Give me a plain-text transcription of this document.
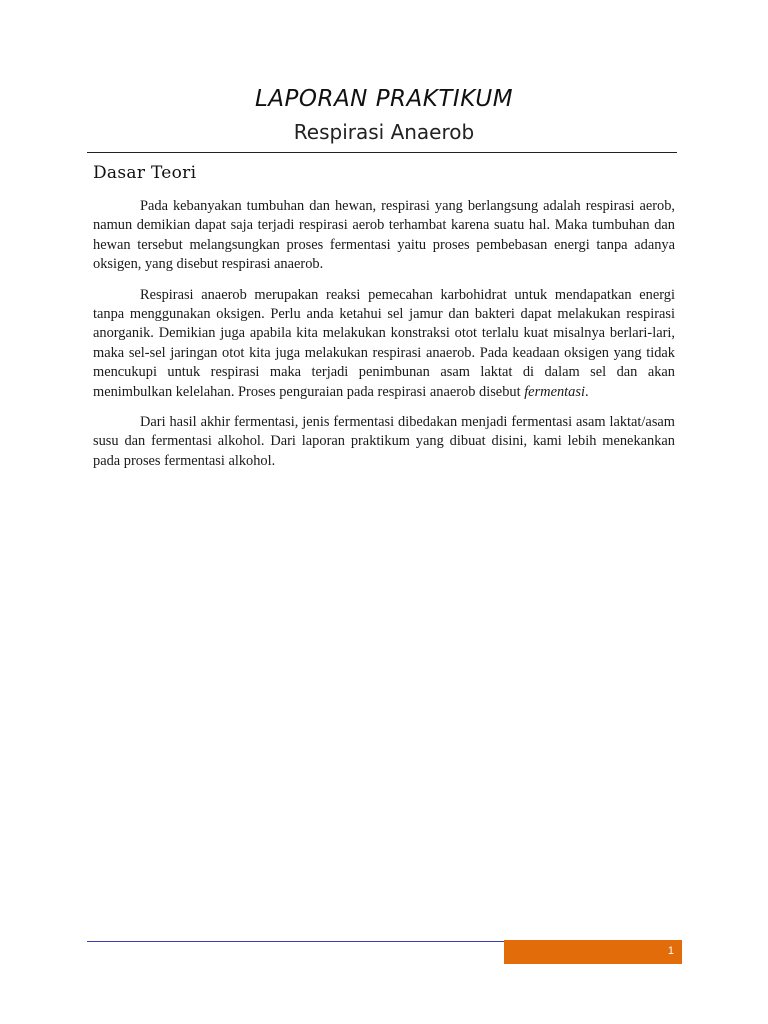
LAPORAN PRAKTIKUM
Respirasi Anaerob
Dasar Teori

Pada kebanyakan tumbuhan dan hewan, respirasi yang berlangsung adalah respirasi aerob, namun demikian dapat saja terjadi respirasi aerob terhambat karena suatu hal. Maka tumbuhan dan hewan tersebut melangsungkan proses fermentasi yaitu proses pembebasan energi tanpa adanya oksigen, yang disebut respirasi anaerob.

Respirasi anaerob merupakan reaksi pemecahan karbohidrat untuk mendapatkan energi tanpa menggunakan oksigen. Perlu anda ketahui sel jamur dan bakteri dapat melakukan respirasi anorganik. Demikian juga apabila kita melakukan konstraksi otot terlalu kuat misalnya berlari-lari, maka sel-sel jaringan otot kita juga melakukan respirasi anaerob. Pada keadaan oksigen yang tidak mencukupi untuk respirasi maka terjadi penimbunan asam laktat di dalam sel dan akan menimbulkan kelelahan. Proses penguraian pada respirasi anaerob disebut fermentasi.

Dari hasil akhir fermentasi, jenis fermentasi dibedakan menjadi fermentasi asam laktat/asam susu dan fermentasi alkohol. Dari laporan praktikum yang dibuat disini, kami lebih menekankan pada proses fermentasi alkohol.

1
